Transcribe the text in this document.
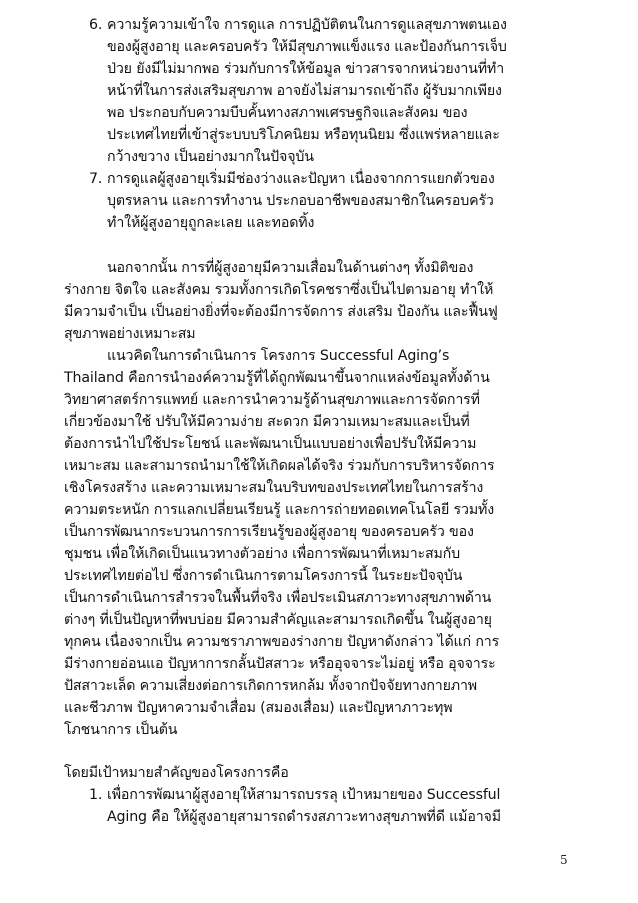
6. ความรู้ความเข้าใจ การดูแล การปฏิบัติตนในการดูแลสุขภาพตนเอง

ของผู้สูงอายุ และครอบครัว ให้มีสุขภาพแข็งแรง และป้องกันการเจ็บ

ป่วย ยังมีไม่มากพอ ร่วมกับการให้ข้อมูล ข่าวสารจากหน่วยงานที่ทำ

หน้าที่ในการส่งเสริมสุขภาพ อาจยังไม่สามารถเข้าถึง ผู้รับมากเพียง

พอ ประกอบกับความบีบคั้นทางสภาพเศรษฐกิจและสังคม ของ

ประเทศไทยที่เข้าสู่ระบบบริโภคนิยม หรือทุนนิยม ซึ่งแพร่หลายและ

กว้างขวาง เป็นอย่างมากในปัจจุบัน

7. การดูแลผู้สูงอายุเริ่มมีช่องว่างและปัญหา เนื่องจากการแยกตัวของ

บุตรหลาน และการทำงาน ประกอบอาชีพของสมาชิกในครอบครัว

ทำให้ผู้สูงอายุถูกละเลย และทอดทิ้ง

นอกจากนั้น การที่ผู้สูงอายุมีความเสื่อมในด้านต่างๆ ทั้งมิติของ

ร่างกาย จิตใจ และสังคม รวมทั้งการเกิดโรคชราซึ่งเป็นไปตามอายุ ทำให้

มีความจำเป็น เป็นอย่างยิ่งที่จะต้องมีการจัดการ ส่งเสริม ป้องกัน และฟื้นฟู

สุขภาพอย่างเหมาะสม

แนวคิดในการดำเนินการ โครงการ Successful Aging’s

Thailand คือการนำองค์ความรู้ที่ได้ถูกพัฒนาขึ้นจากแหล่งข้อมูลทั้งด้าน

วิทยาศาสตร์การแพทย์ และการนำความรู้ด้านสุขภาพและการจัดการที่

เกี่ยวข้องมาใช้ ปรับให้มีความง่าย สะดวก มีความเหมาะสมและเป็นที่

ต้องการนำไปใช้ประโยชน์ และพัฒนาเป็นแบบอย่างเพื่อปรับให้มีความ

เหมาะสม และสามารถนำมาใช้ให้เกิดผลได้จริง ร่วมกับการบริหารจัดการ

เชิงโครงสร้าง และความเหมาะสมในบริบทของประเทศไทยในการสร้าง

ความตระหนัก การแลกเปลี่ยนเรียนรู้ และการถ่ายทอดเทคโนโลยี รวมทั้ง

เป็นการพัฒนากระบวนการการเรียนรู้ของผู้สูงอายุ ของครอบครัว ของ

ชุมชน เพื่อให้เกิดเป็นแนวทางตัวอย่าง เพื่อการพัฒนาที่เหมาะสมกับ

ประเทศไทยต่อไป ซึ่งการดำเนินการตามโครงการนี้ ในระยะปัจจุบัน

เป็นการดำเนินการสำรวจในพื้นที่จริง เพื่อประเมินสภาวะทางสุขภาพด้าน

ต่างๆ ที่เป็นปัญหาที่พบบ่อย มีความสำคัญและสามารถเกิดขึ้น ในผู้สูงอายุ

ทุกคน เนื่องจากเป็น ความชราภาพของร่างกาย ปัญหาดังกล่าว ได้แก่ การ

มีร่างกายอ่อนแอ ปัญหาการกลั้นปัสสาวะ หรืออุจจาระไม่อยู่ หรือ อุจจาระ

ปัสสาวะเล็ด ความเสี่ยงต่อการเกิดการหกล้ม ทั้งจากปัจจัยทางกายภาพ

และชีวภาพ ปัญหาความจำเสื่อม (สมองเสื่อม) และปัญหาภาวะทุพ

โภชนาการ เป็นต้น

โดยมีเป้าหมายสำคัญของโครงการคือ

1. เพื่อการพัฒนาผู้สูงอายุให้สามารถบรรลุ เป้าหมายของ Successful

Aging คือ ให้ผู้สูงอายุสามารถดำรงสภาวะทางสุขภาพที่ดี แม้อาจมี

5
